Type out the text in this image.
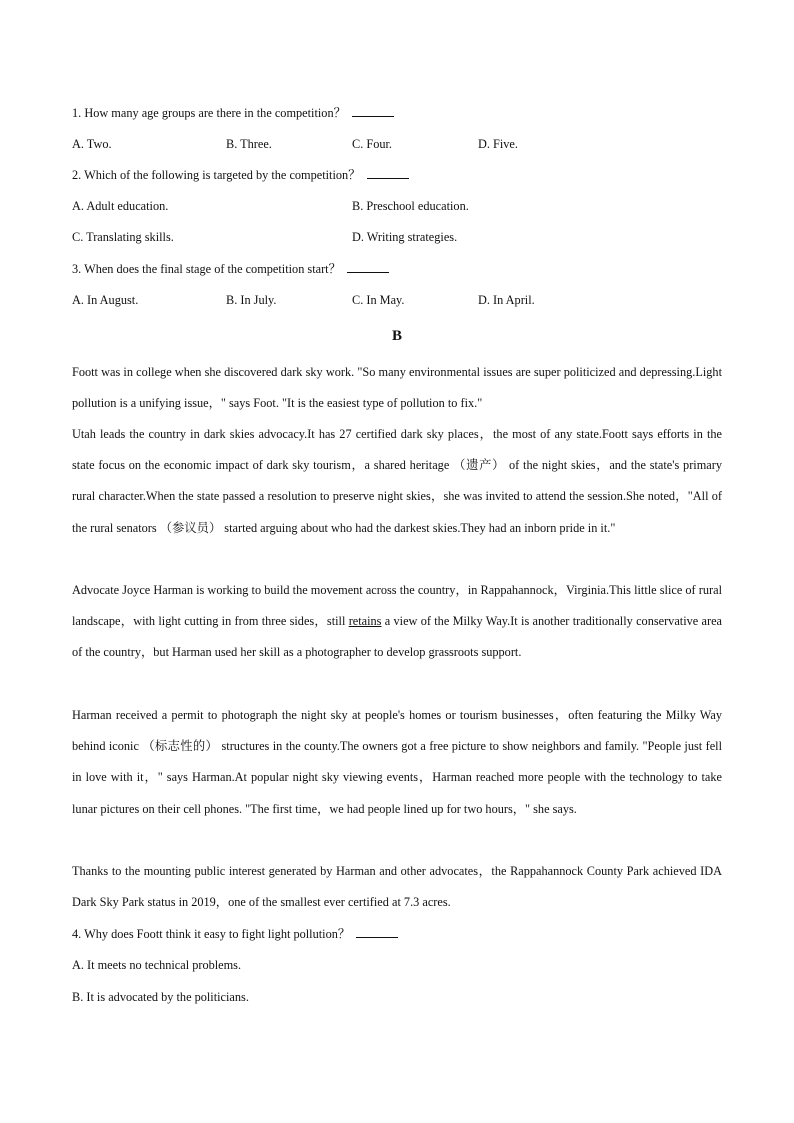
1. How many age groups are there in the competition？
A. Two.	B. Three.	C. Four.	D. Five.
2. Which of the following is targeted by the competition？
A. Adult education.	B. Preschool education.
C. Translating skills.	D. Writing strategies.
3. When does the final stage of the competition start？
A. In August.	B. In July.	C. In May.	D. In April.
B
Foott was in college when she discovered dark sky work. "So many environmental issues are super politicized and depressing.Light pollution is a unifying issue，" says Foot. "It is the easiest type of pollution to fix."
Utah leads the country in dark skies advocacy.It has 27 certified dark sky places，the most of any state.Foott says efforts in the state focus on the economic impact of dark sky tourism，a shared heritage （遗产） of the night skies，and the state's primary rural character.When the state passed a resolution to preserve night skies，she was invited to attend the session.She noted，"All of the rural senators （参议员） started arguing about who had the darkest skies.They had an inborn pride in it."
Advocate Joyce Harman is working to build the movement across the country，in Rappahannock，Virginia.This little slice of rural landscape，with light cutting in from three sides，still retains a view of the Milky Way.It is another traditionally conservative area of the country，but Harman used her skill as a photographer to develop grassroots support.
Harman received a permit to photograph the night sky at people's homes or tourism businesses，often featuring the Milky Way behind iconic （标志性的） structures in the county.The owners got a free picture to show neighbors and family. "People just fell in love with it，" says Harman.At popular night sky viewing events，Harman reached more people with the technology to take lunar pictures on their cell phones. "The first time，we had people lined up for two hours，" she says.
Thanks to the mounting public interest generated by Harman and other advocates，the Rappahannock County Park achieved IDA Dark Sky Park status in 2019，one of the smallest ever certified at 7.3 acres.
4. Why does Foott think it easy to fight light pollution？
A. It meets no technical problems.
B. It is advocated by the politicians.
